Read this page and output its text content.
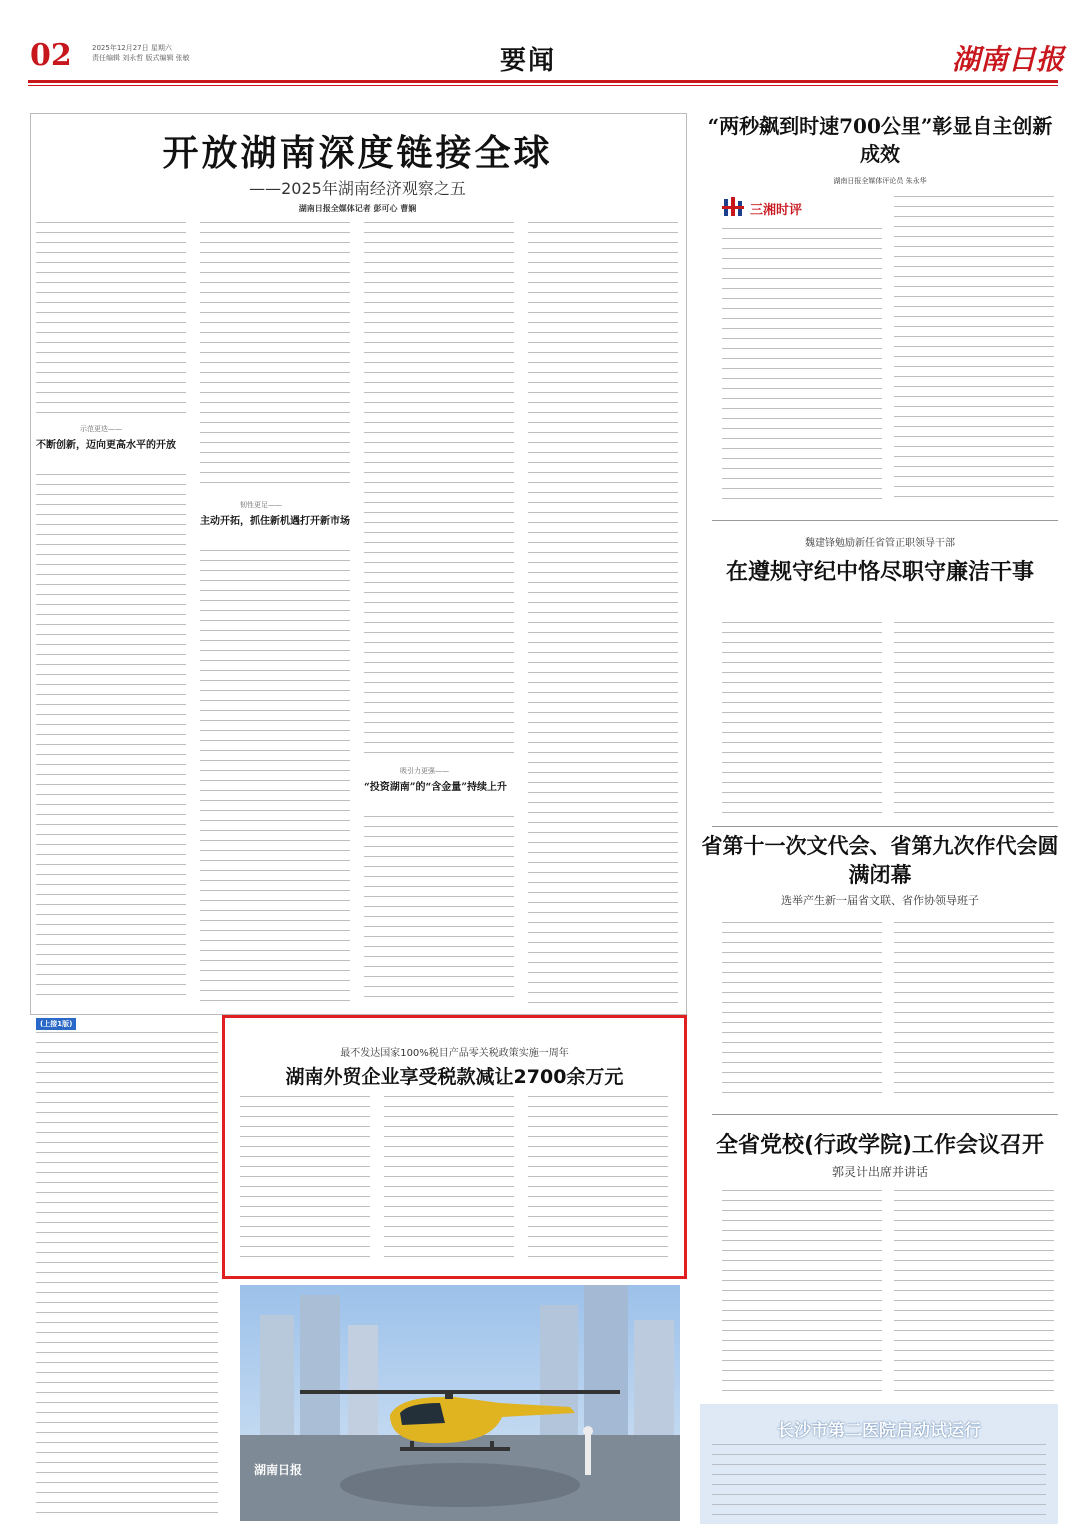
02	2025年12月27日 星期六
责任编辑 刘永哲 版式编辑 张敏	要闻	湖南日报
开放湖南深度链接全球
——2025年湖南经济观察之五
湖南日报全媒体记者 彭可心 曹娴
示范更迭——
不断创新，迈向更高水平的开放
韧性更足——
主动开拓，抓住新机遇打开新市场
吸引力更强——
“投资湖南”的“含金量”持续上升
“两秒飙到时速700公里”彰显自主创新成效
湖南日报全媒体评论员 朱永华
三湘时评
魏建锋勉励新任省管正职领导干部
在遵规守纪中恪尽职守廉洁干事
省第十一次文代会、省第九次作代会圆满闭幕
选举产生新一届省文联、省作协领导班子
全省党校(行政学院)工作会议召开
郭灵计出席并讲话
(上接1版)
最不发达国家100%税目产品零关税政策实施一周年
湖南外贸企业享受税款减让2700余万元
湖南日报
长沙市第二医院启动试运行
